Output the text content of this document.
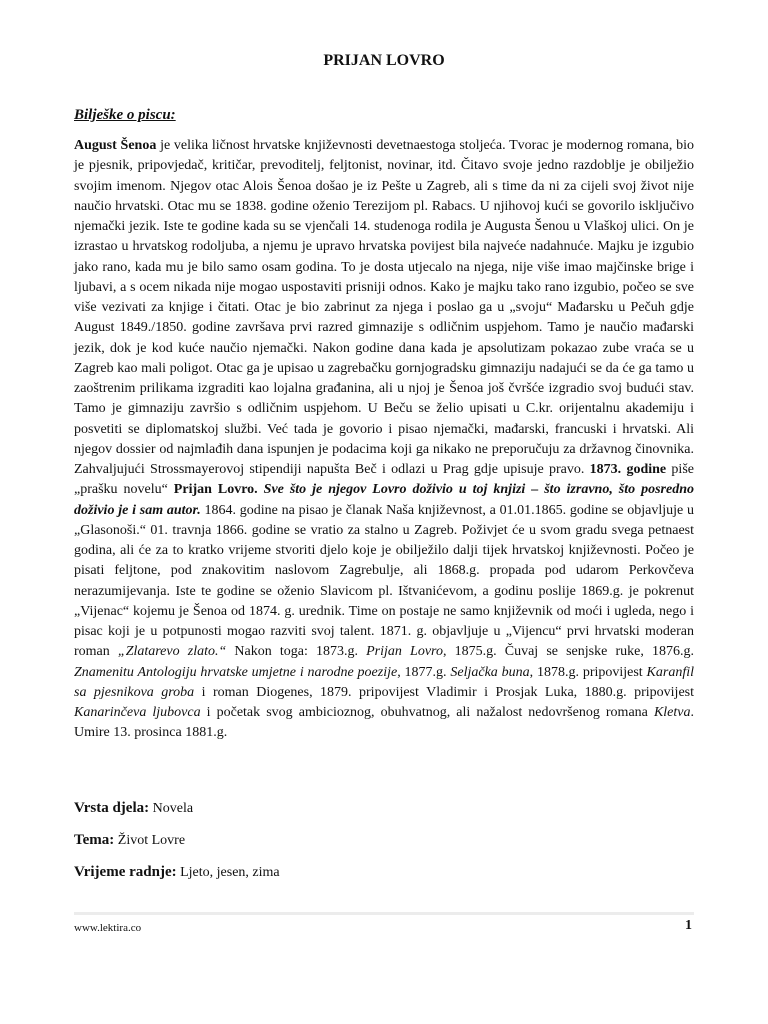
PRIJAN LOVRO
Bilješke o piscu:

August Šenoa je velika ličnost hrvatske književnosti devetnaestoga stoljeća. Tvorac je modernog romana, bio je pjesnik, pripovjedač, kritičar, prevoditelj, feljtonist, novinar, itd. Čitavo svoje jedno razdoblje je obilježio svojim imenom. Njegov otac Alois Šenoa došao je iz Pešte u Zagreb, ali s time da ni za cijeli svoj život nije naučio hrvatski. Otac mu se 1838. godine oženio Terezijom pl. Rabacs. U njihovoj kući se govorilo isključivo njemački jezik. Iste te godine kada su se vjenčali 14. studenoga rodila je Augusta Šenou u Vlaškoj ulici. On je izrastao u hrvatskog rodoljuba, a njemu je upravo hrvatska povijest bila najveće nadahnuće. Majku je izgubio jako rano, kada mu je bilo samo osam godina. To je dosta utjecalo na njega, nije više imao majčinske brige i ljubavi, a s ocem nikada nije mogao uspostaviti prisniji odnos. Kako je majku tako rano izgubio, počeo se sve više vezivati za knjige i čitati. Otac je bio zabrinut za njega i poslao ga u „svoju“ Mađarsku u Pečuh gdje August 1849./1850. godine završava prvi razred gimnazije s odličnim uspjehom. Tamo je naučio mađarski jezik, dok je kod kuće naučio njemački. Nakon godine dana kada je apsolutizam pokazao zube vraća se u Zagreb kao mali poligot. Otac ga je upisao u zagrebačku gornjogradsku gimnaziju nadajući se da će ga tamo u zaoštrenim prilikama izgraditi kao lojalna građanina, ali u njoj je Šenoa još čvršće izgradio svoj budući stav. Tamo je gimnaziju završio s odličnim uspjehom. U Beču se želio upisati u C.kr. orijentalnu akademiju i posvetiti se diplomatskoj službi. Već tada je govorio i pisao njemački, mađarski, francuski i hrvatski. Ali njegov dossier od najmlađih dana ispunjen je podacima koji ga nikako ne preporučuju za državnog činovnika. Zahvaljujući Strossmayerovoj stipendiji napušta Beč i odlazi u Prag gdje upisuje pravo. 1873. godine piše „prašku novelu“ Prijan Lovro. Sve što je njegov Lovro doživio u toj knjizi – što izravno, što posredno doživio je i sam autor. 1864. godine na pisao je članak Naša književnost, a 01.01.1865. godine se objavljuje u „Glasonoši.“ 01. travnja 1866. godine se vratio za stalno u Zagreb. Poživjet će u svom gradu svega petnaest godina, ali će za to kratko vrijeme stvoriti djelo koje je obilježilo dalji tijek hrvatskoj književnosti. Počeo je pisati feljtone, pod znakovitim naslovom Zagrebulje, ali 1868.g. propada pod udarom Perkovčeva nerazumijevanja. Iste te godine se oženio Slavicom pl. Ištvanićevom, a godinu poslije 1869.g. je pokrenut „Vijenac“ kojemu je Šenoa od 1874. g. urednik. Time on postaje ne samo književnik od moći i ugleda, nego i pisac koji je u potpunosti mogao razviti svoj talent. 1871. g. objavljuje u „Vijencu“ prvi hrvatski moderan roman „Zlatarevo zlato.“ Nakon toga: 1873.g. Prijan Lovro, 1875.g. Čuvaj se senjske ruke, 1876.g. Znamenitu Antologiju hrvatske umjetne i narodne poezije, 1877.g. Seljačka buna, 1878.g. pripovijest Karanfil sa pjesnikova groba i roman Diogenes, 1879. pripovijest Vladimir i Prosjak Luka, 1880.g. pripovijest Kanarinčeva ljubovca i početak svog ambicioznog, obuhvatnog, ali nažalost nedovršenog romana Kletva. Umire 13. prosinca 1881.g.

Vrsta djela: Novela
Tema: Život Lovre
Vrijeme radnje: Ljeto, jesen, zima
www.lektira.co	1
